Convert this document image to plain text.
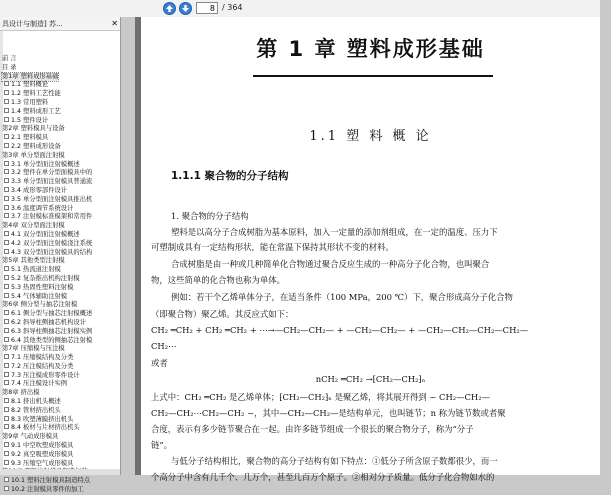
8 / 364
具设计与制造] 苏...	✕
前 言
目 录
第1章 塑料成形基础
1.1 塑料概论
1.2 塑料工艺性能
1.3 常用塑料
1.4 塑料成形工艺
1.5 塑件设计
第2章 塑料模具与设备
2.1 塑料模具
2.2 塑料成形设备
第3章 单分型面注射模
3.1 单分型面注射模概述
3.2 塑件在单分型面模具中的
3.3 单分型面注射模具普通流
3.4 成形零部件设计
3.5 单分型面注射模具推出机
3.6 温度调节系统设计
3.7 注射模标准模架和常用件
第4章 双分型面注射模
4.1 双分型面注射模概述
4.2 双分型面注射模浇注系统
4.3 双分型面注射模具的结构
第5章 其他类型注射模
5.1 热流道注射模
5.2 复杂推出机构注射模
5.3 热固性塑料注射模
5.4 气体辅助注射模
第6章 侧分型与抽芯注射模
6.1 侧分型与抽芯注射模概述
6.2 斜导柱侧抽芯机构设计
6.3 斜导柱侧抽芯注射模实例
6.4 其他类型的侧抽芯注射模
第7章 压缩模与压注模
7.1 压缩模结构及分类
7.2 压注模结构及分类
7.3 压注模成形零件设计
7.4 压注模设计实例
第8章 挤出模
8.1 挤出机头概述
8.2 管材挤出机头
8.3 吹塑薄膜挤出机头
8.4 板材与片材挤出机头
第9章 气动成形模具
9.1 中空吹塑成形模具
9.2 真空吸塑成形模具
9.3 压缩空气成形模具
10.1 塑料注射模具制造特点
10.2 注射模具零件的加工
第 1 章 塑料成形基础
1.1 塑 料 概 论
1.1.1 聚合物的分子结构
1. 聚合物的分子结构
塑料是以高分子合成树脂为基本原料，加入一定量的添加剂组成，在一定的温度、压力下
可塑制成具有一定结构形状，能在常温下保持其形状不变的材料。
合成树脂是由一种或几种简单化合物通过聚合反应生成的一种高分子化合物，也叫聚合
物，这些简单的化合物也称为单体。
例如：若干个乙烯单体分子，在适当条件（100 MPa，200 ℃）下，聚合形成高分子化合物
（即聚合物）聚乙烯。其反应式如下：
CH₂ ═CH₂ + CH₂ ═CH₂ + ⋯→—CH₂—CH₂— + —CH₂—CH₂— + —CH₂—CH₂—CH₂—CH₂—
CH₂⋯
或者
nCH₂ ═CH₂ →⁅CH₂—CH₂⁆ₙ
上式中：CH₂ ═CH₂ 是乙烯单体；⁅CH₂—CH₂⁆ₙ 是聚乙烯，将其展开得到 ~ CH₂—CH₂—
CH₂—CH₂⋯CH₂—CH₂ ~，其中—CH₂—CH₂—是结构单元，也叫链节；n 称为链节数或者聚
合度，表示有多少链节聚合在一起。由许多链节组成一个很长的聚合物分子，称为“分子
链”。
与低分子结构相比，聚合物的高分子结构有如下特点：①低分子所含原子数都很少，而一
个高分子中含有几千个、几万个，甚至几百万个原子。②相对分子质量。低分子化合物如水的
